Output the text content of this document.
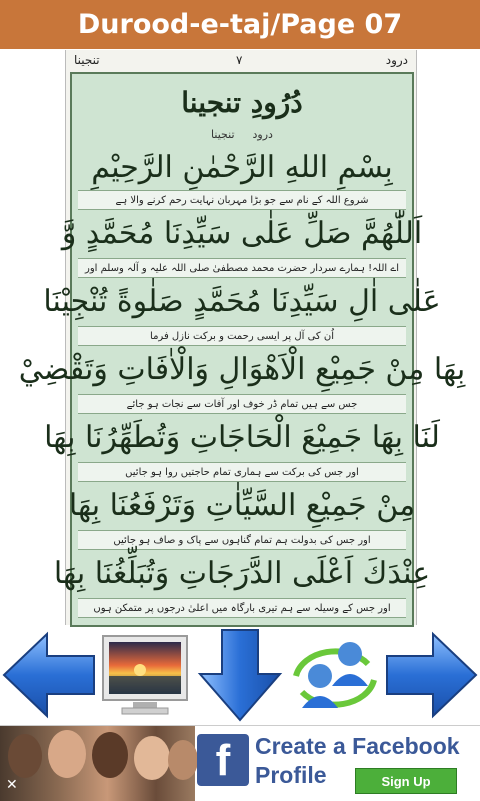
Durood-e-taj/Page 07
درود
۷
تنجینا
دُرُودِ تنجینا
درود
تنجینا
بِسْمِ اللهِ الرَّحْمٰنِ الرَّحِيْمِ
شروع اللہ کے نام سے جو بڑا مہربان نہایت رحم کرنے والا ہے
اَللّٰهُمَّ صَلِّ عَلٰى سَيِّدِنَا مُحَمَّدٍ وَّ
اے اللہ! ہمارے سردار حضرت محمد مصطفیٰ صلی اللہ علیہ و آلہ وسلم اور
عَلٰى اٰلِ سَيِّدِنَا مُحَمَّدٍ صَلٰوةً تُنْجِيْنَا
اُن کی آل پر ایسی رحمت و برکت نازل فرما
بِهَا مِنْ جَمِيْعِ الْاَهْوَالِ وَالْاٰفَاتِ وَتَقْضِيْ
جس سے ہیں تمام ڈر خوف اور آفات سے نجات ہو جائے
لَنَا بِهَا جَمِيْعَ الْحَاجَاتِ وَتُطَهِّرُنَا بِهَا
اور جس کی برکت سے ہماری تمام حاجتیں روا ہو جائیں
مِنْ جَمِيْعِ السَّيِّاٰتِ وَتَرْفَعُنَا بِهَا
اور جس کی بدولت ہم تمام گناہوں سے پاک و صاف ہو جائیں
عِنْدَكَ اَعْلَى الدَّرَجَاتِ وَتُبَلِّغُنَا بِهَا
اور جس کے وسیلہ سے ہم تیری بارگاہ میں اعلیٰ درجوں پر متمکن ہوں
✕	f	Create a Facebook
Profile	Sign Up
